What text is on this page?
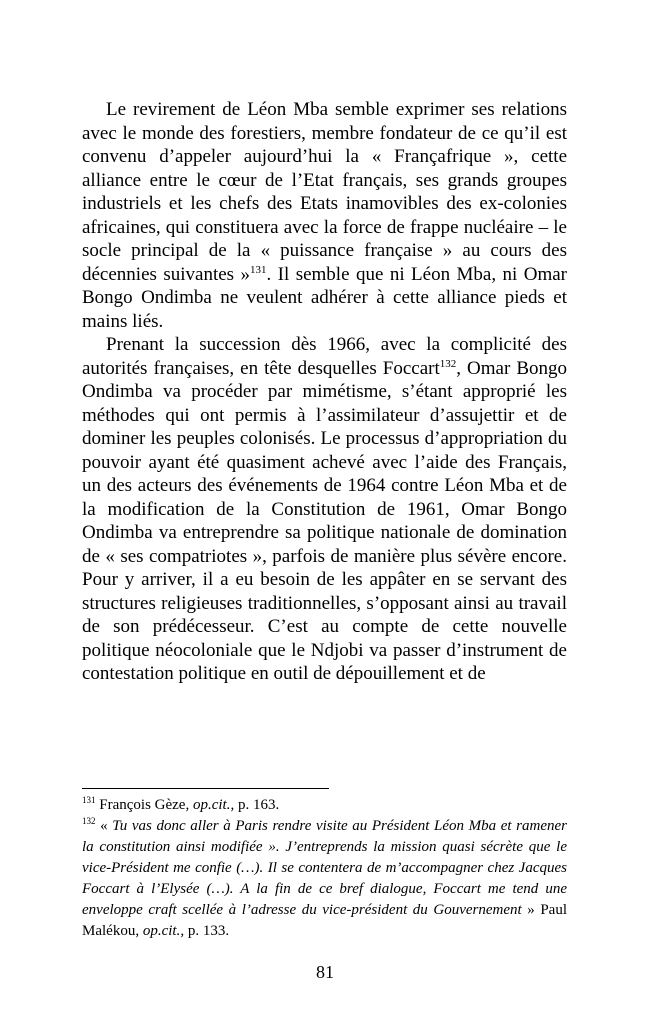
Le revirement de Léon Mba semble exprimer ses relations avec le monde des forestiers, membre fondateur de ce qu’il est convenu d’appeler aujourd’hui la « Françafrique », cette alliance entre le cœur de l’Etat français, ses grands groupes industriels et les chefs des Etats inamovibles des ex-colonies africaines, qui constituera avec la force de frappe nucléaire – le socle principal de la « puissance française » au cours des décennies suivantes »$^{131}$. Il semble que ni Léon Mba, ni Omar Bongo Ondimba ne veulent adhérer à cette alliance pieds et mains liés.

Prenant la succession dès 1966, avec la complicité des autorités françaises, en tête desquelles Foccart$^{132}$, Omar Bongo Ondimba va procéder par mimétisme, s’étant approprié les méthodes qui ont permis à l’assimilateur d’assujettir et de dominer les peuples colonisés. Le processus d’appropriation du pouvoir ayant été quasiment achevé avec l’aide des Français, un des acteurs des événements de 1964 contre Léon Mba et de la modification de la Constitution de 1961, Omar Bongo Ondimba va entreprendre sa politique nationale de domination de « ses compatriotes », parfois de manière plus sévère encore. Pour y arriver, il a eu besoin de les appâter en se servant des structures religieuses traditionnelles, s’opposant ainsi au travail de son prédécesseur. C’est au compte de cette nouvelle politique néocoloniale que le Ndjobi va passer d’instrument de contestation politique en outil de dépouillement et de

$^{131}$ François Gèze, op.cit., p. 163.

$^{132}$ « Tu vas donc aller à Paris rendre visite au Président Léon Mba et ramener la constitution ainsi modifiée ». J’entreprends la mission quasi sécrète que le vice-Président me confie (…). Il se contentera de m’accompagner chez Jacques Foccart à l’Elysée (…). A la fin de ce bref dialogue, Foccart me tend une enveloppe craft scellée à l’adresse du vice-président du Gouvernement » Paul Malékou, op.cit., p. 133.

81
